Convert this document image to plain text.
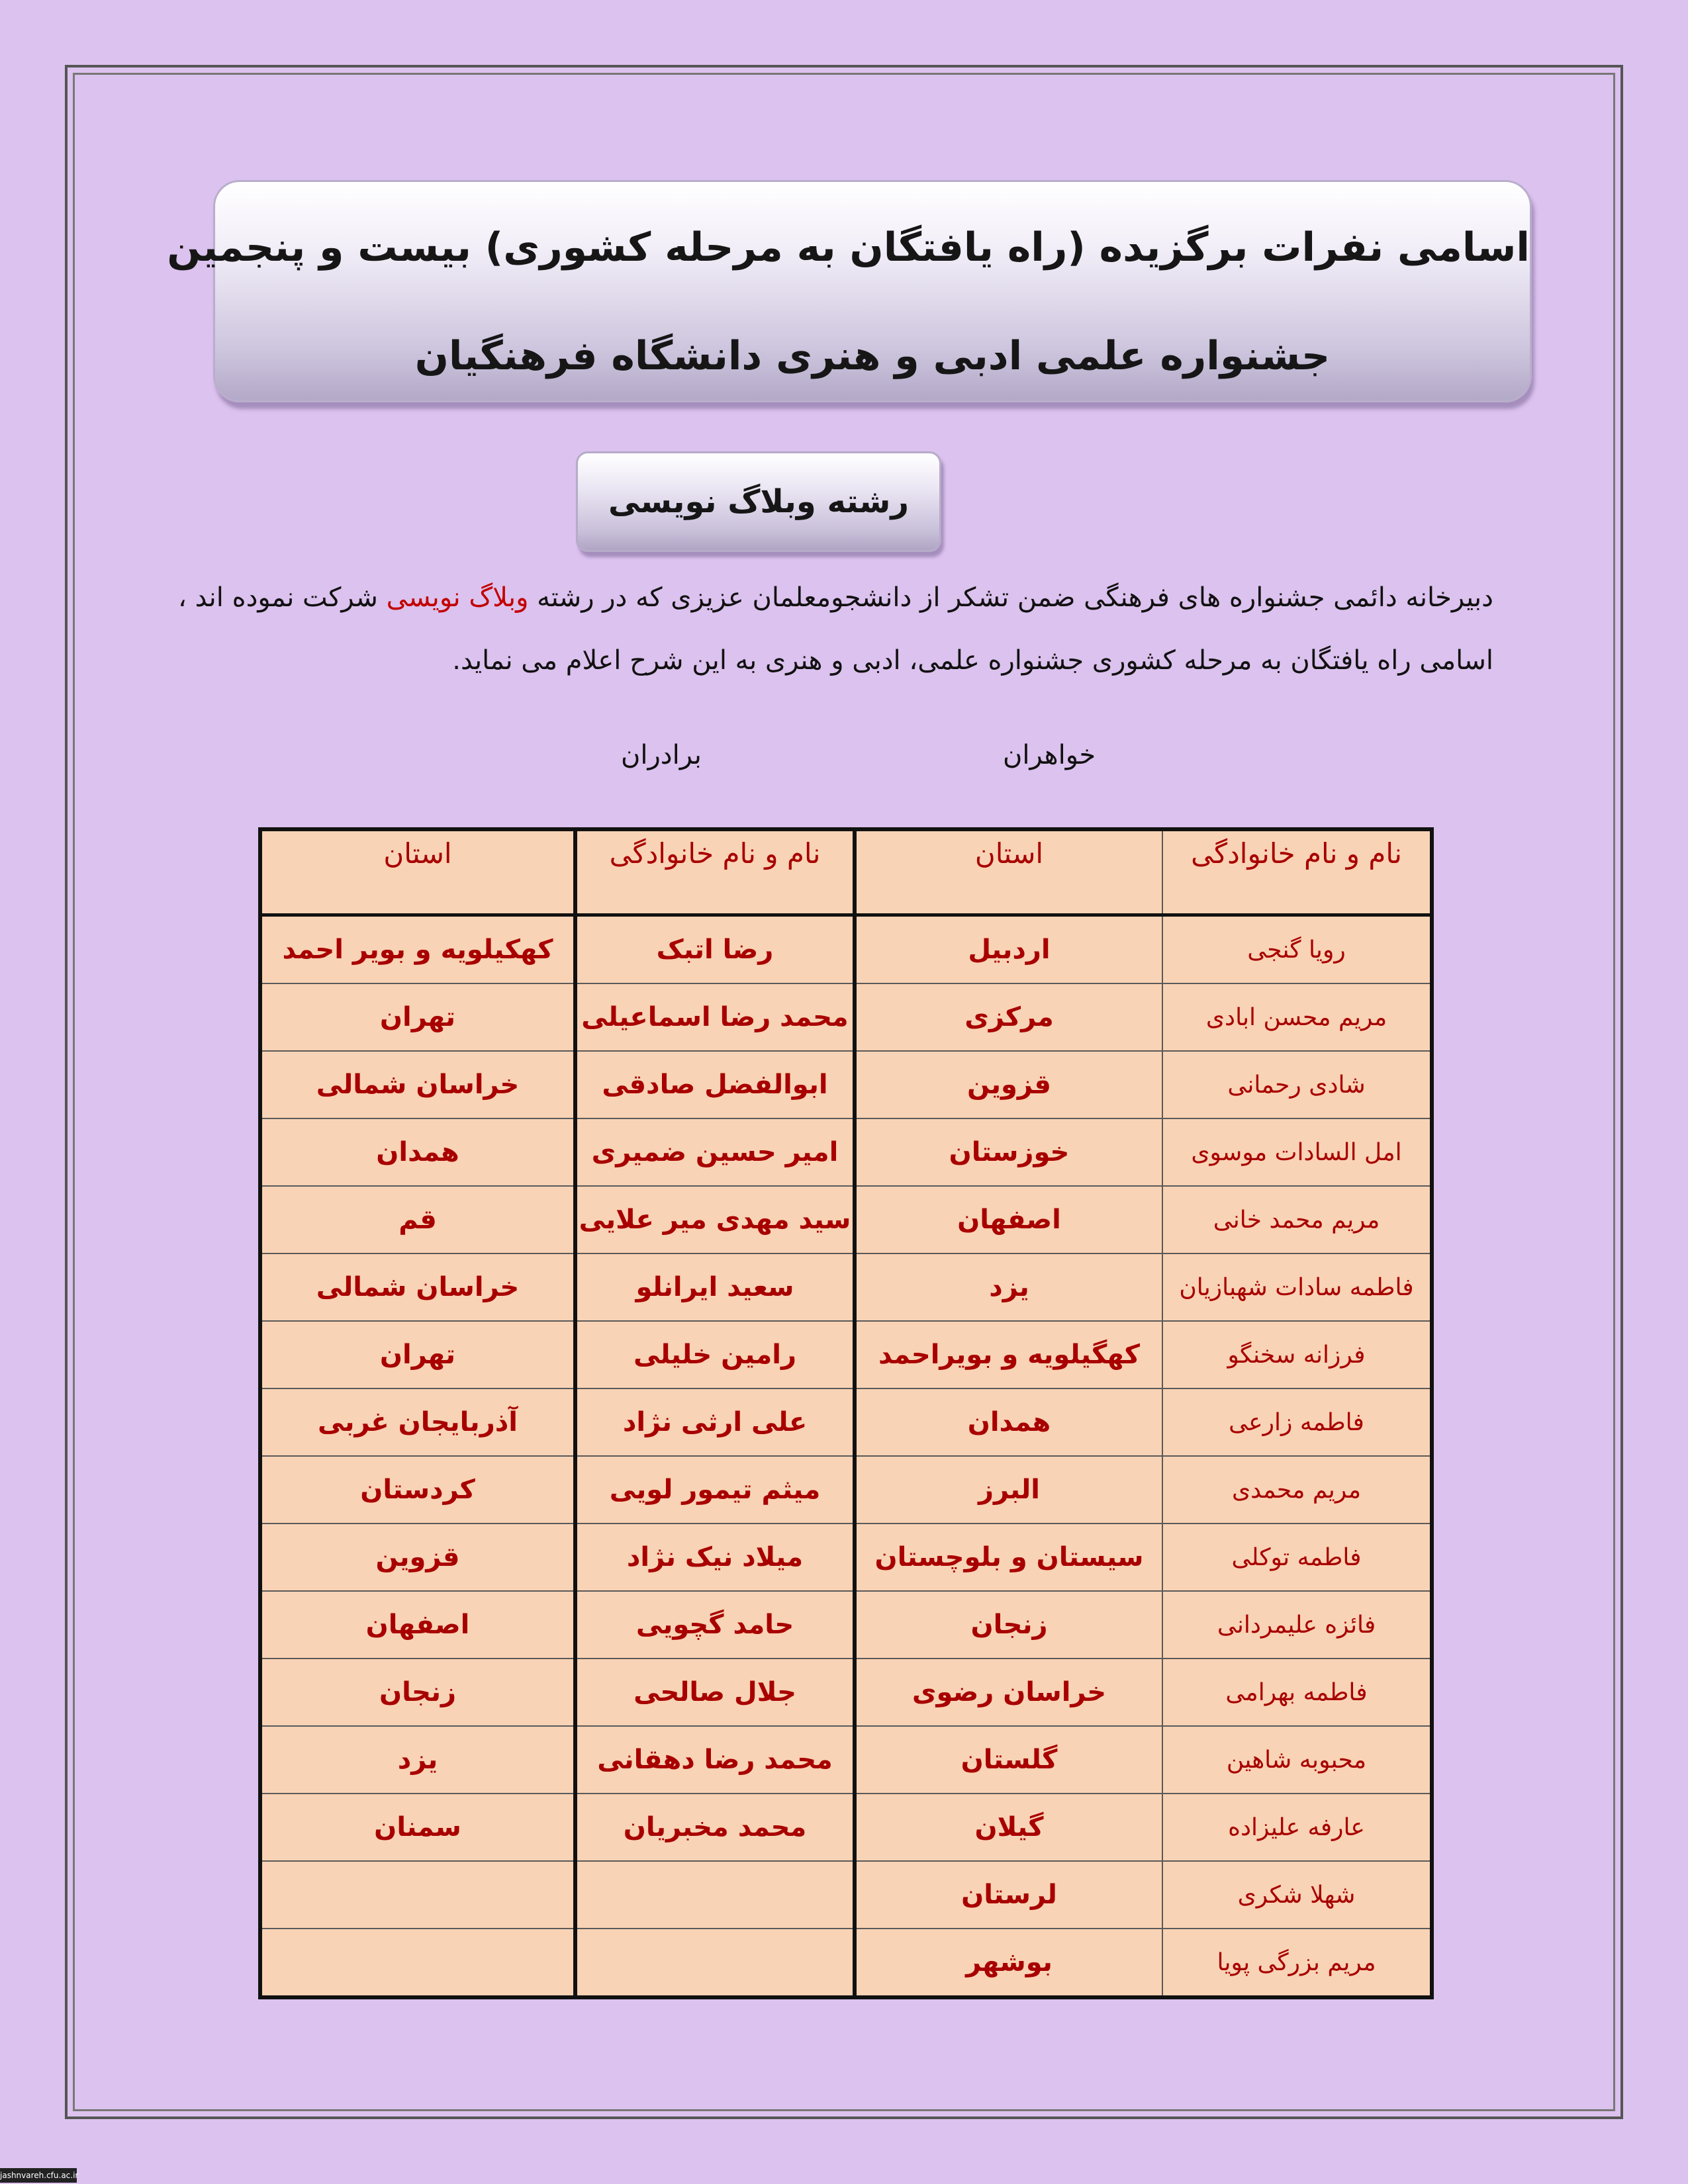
اسامی نفرات برگزیده (راه یافتگان به مرحله کشوری) بیست و پنجمین
جشنواره علمی ادبی و هنری دانشگاه فرهنگیان
رشته وبلاگ نویسی
دبیرخانه دائمی جشنواره های فرهنگی ضمن تشکر از دانشجومعلمان عزیزی که در رشته وبلاگ نویسی شرکت نموده اند ،
اسامی راه یافتگان به مرحله کشوری جشنواره علمی، ادبی و هنری به این شرح اعلام می نماید.
خواهران
برادران
نام و نام خانوادگی	استان	نام و نام خانوادگی	استان
رویا گنجی	اردبیل	رضا اتبک	کهکیلویه و بویر احمد
مریم محسن ابادی	مرکزی	محمد رضا اسماعیلی	تهران
شادی رحمانی	قزوین	ابوالفضل صادقی	خراسان شمالی
امل السادات موسوی	خوزستان	امیر حسین ضمیری	همدان
مریم محمد خانی	اصفهان	سید مهدی میر علایی	قم
فاطمه سادات شهبازیان	یزد	سعید ایرانلو	خراسان شمالی
فرزانه سخنگو	کهگیلویه و بویراحمد	رامین خلیلی	تهران
فاطمه زارعی	همدان	علی ارثی نژاد	آذربایجان غربی
مریم محمدی	البرز	میثم تیمور لویی	کردستان
فاطمه توکلی	سیستان و بلوچستان	میلاد نیک نژاد	قزوین
فائزه علیمردانی	زنجان	حامد گچویی	اصفهان
فاطمه بهرامی	خراسان رضوی	جلال صالحی	زنجان
محبوبه شاهین	گلستان	محمد رضا دهقانی	یزد
عارفه علیزاده	گیلان	محمد مخبریان	سمنان
شهلا شکری	لرستان		
مریم بزرگی پویا	بوشهر		
jashnvareh.cfu.ac.ir
